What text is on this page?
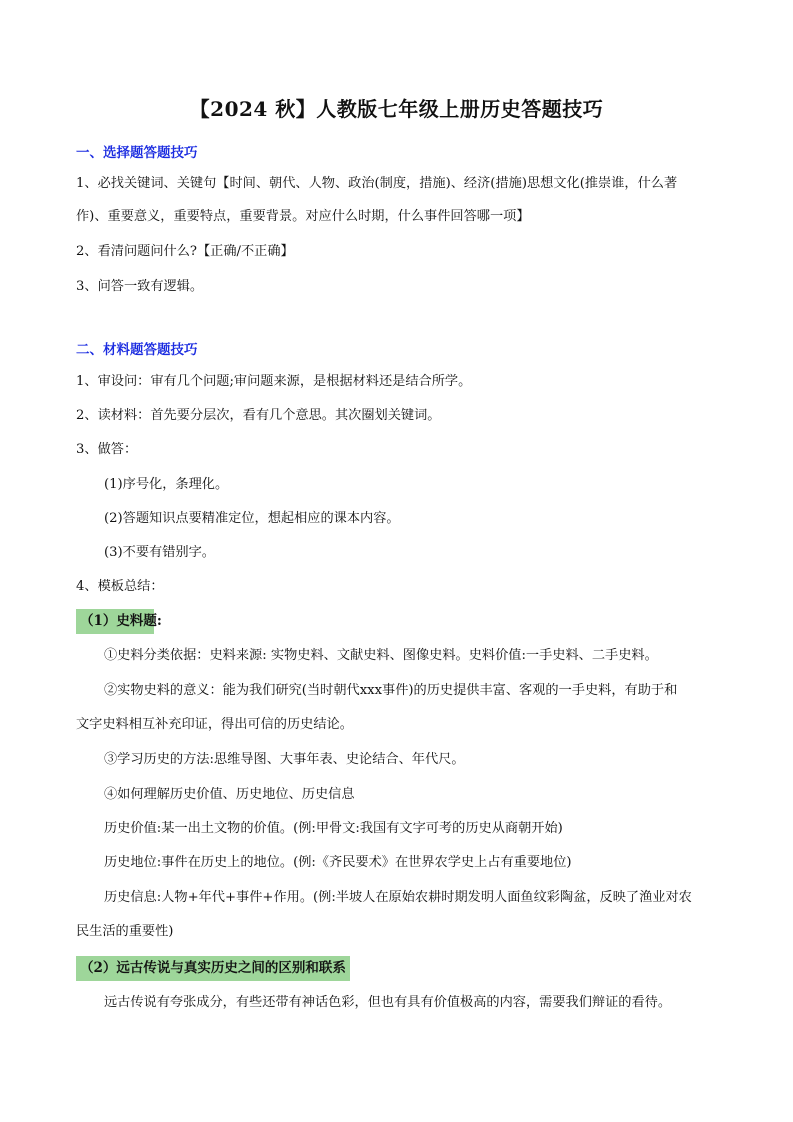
【2024 秋】人教版七年级上册历史答题技巧
一、选择题答题技巧
1、必找关键词、关键句【时间、朝代、人物、政治(制度，措施)、经济(措施)思想文化(推崇谁，什么著
作)、重要意义，重要特点，重要背景。对应什么时期，什么事件回答哪一项】
2、看清问题问什么?【正确/不正确】
3、问答一致有逻辑。
二、材料题答题技巧
1、审设问：审有几个问题;审问题来源，是根据材料还是结合所学。
2、读材料：首先要分层次，看有几个意思。其次圈划关键词。
3、做答：
(1)序号化，条理化。
(2)答题知识点要精准定位，想起相应的课本内容。
(3)不要有错别字。
4、模板总结：
（1）史料题:
①史料分类依据：史料来源: 实物史料、文献史料、图像史料。史料价值:一手史料、二手史料。
②实物史料的意义：能为我们研究(当时朝代xxx事件)的历史提供丰富、客观的一手史料，有助于和
文字史料相互补充印证，得出可信的历史结论。
③学习历史的方法:思维导图、大事年表、史论结合、年代尺。
④如何理解历史价值、历史地位、历史信息
历史价值:某一出土文物的价值。(例:甲骨文:我国有文字可考的历史从商朝开始)
历史地位:事件在历史上的地位。(例:《齐民要术》在世界农学史上占有重要地位)
历史信息:人物+年代+事件+作用。(例:半坡人在原始农耕时期发明人面鱼纹彩陶盆，反映了渔业对农
民生活的重要性)
（2）远古传说与真实历史之间的区别和联系
远古传说有夸张成分，有些还带有神话色彩，但也有具有价值极高的内容，需要我们辩证的看待。
